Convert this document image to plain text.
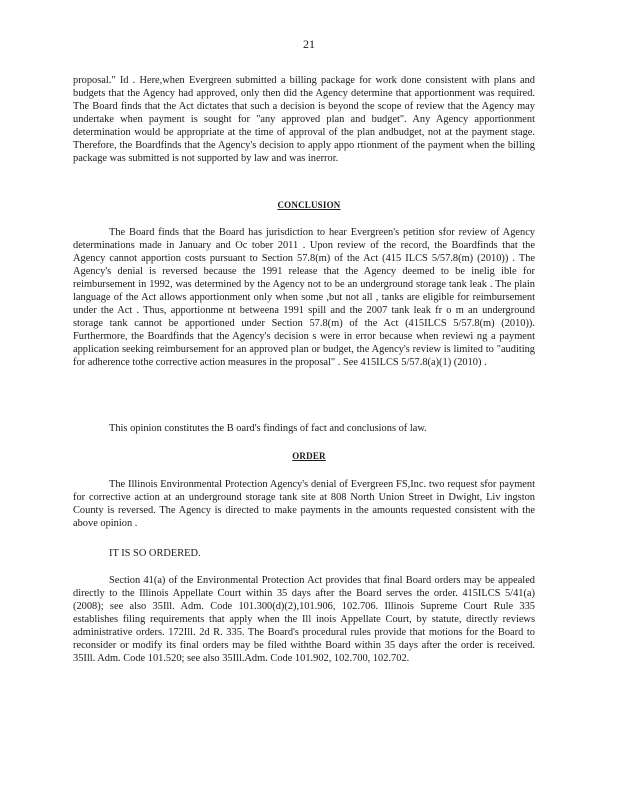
21

proposal." Id . Here,when Evergreen submitted a billing package for work done consistent with plans and budgets that the Agency had approved, only then did the Agency determine that apportionment was required. The Board finds that the Act dictates that such a decision is beyond the scope of review that the Agency may undertake when payment is sought for "any approved plan and budget". Any Agency apportionment determination would be appropriate at the time of approval of the plan andbudget, not at the payment stage. Therefore, the Boardfinds that the Agency's decision to apply appo rtionment of the payment when the billing package was submitted is not supported by law and was inerror.

CONCLUSION

The Board finds that the Board has jurisdiction to hear Evergreen's petition sfor review of Agency determinations made in January and Oc tober 2011 . Upon review of the record, the Boardfinds that the Agency cannot apportion costs pursuant to Section 57.8(m) of the Act (415 ILCS 5/57.8(m) (2010)) . The Agency's denial is reversed because the 1991 release that the Agency deemed to be inelig ible for reimbursement in 1992, was determined by the Agency not to be an underground storage tank leak . The plain language of the Act allows apportionment only when some ,but not all , tanks are eligible for reimbursement under the Act . Thus, apportionme nt betweena 1991 spill and the 2007 tank leak fr o m an underground storage tank cannot be apportioned under Section 57.8(m) of the Act (415ILCS 5/57.8(m) (2010)). Furthermore, the Boardfinds that the Agency's decision s were in error because when reviewi ng a payment application seeking reimbursement for an approved plan or budget, the Agency's review is limited to "auditing for adherence tothe corrective action measures in the proposal" . See 415ILCS 5/57.8(a)(1) (2010) .

This opinion constitutes the B oard's findings of fact and conclusions of law.

ORDER

The Illinois Environmental Protection Agency's denial of Evergreen FS,Inc. two request sfor payment for corrective action at an underground storage tank site at 808 North Union Street in Dwight, Liv ingston County is reversed. The Agency is directed to make payments in the amounts requested consistent with the above opinion .

IT IS SO ORDERED.

Section 41(a) of the Environmental Protection Act provides that final Board orders may be appealed directly to the Illinois Appellate Court within 35 days after the Board serves the order. 415ILCS 5/41(a) (2008); see also 35Ill. Adm. Code 101.300(d)(2),101.906, 102.706. Illinois Supreme Court Rule 335 establishes filing requirements that apply when the Ill inois Appellate Court, by statute, directly reviews administrative orders. 172Ill. 2d R. 335. The Board's procedural rules provide that motions for the Board to reconsider or modify its final orders may be filed withthe Board within 35 days after the order is received. 35Ill. Adm. Code 101.520; see also 35Ill.Adm. Code 101.902, 102.700, 102.702.
